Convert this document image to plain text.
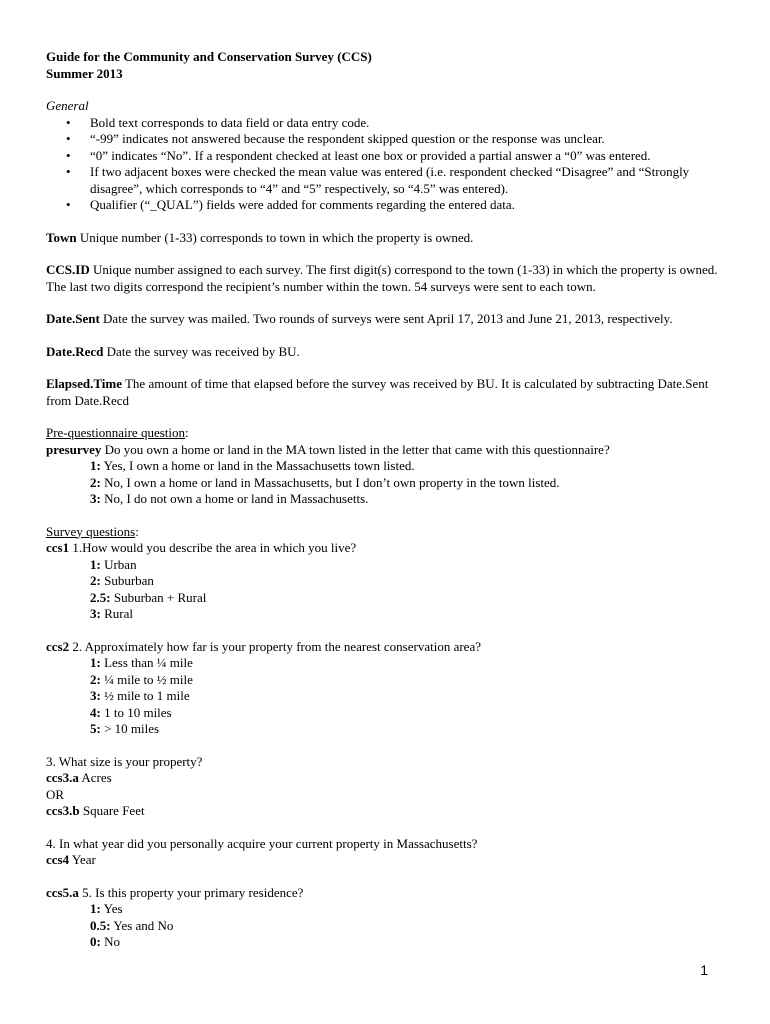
Guide for the Community and Conservation Survey (CCS)
Summer 2013
General
• Bold text corresponds to data field or data entry code.
• “-99” indicates not answered because the respondent skipped question or the response was unclear.
• “0” indicates “No”. If a respondent checked at least one box or provided a partial answer a “0” was entered.
• If two adjacent boxes were checked the mean value was entered (i.e. respondent checked “Disagree” and “Strongly disagree”, which corresponds to “4” and “5” respectively, so “4.5” was entered).
• Qualifier (“_QUAL”) fields were added for comments regarding the entered data.
Town Unique number (1-33) corresponds to town in which the property is owned.
CCS.ID Unique number assigned to each survey. The first digit(s) correspond to the town (1-33) in which the property is owned. The last two digits correspond the recipient’s number within the town. 54 surveys were sent to each town.
Date.Sent Date the survey was mailed. Two rounds of surveys were sent April 17, 2013 and June 21, 2013, respectively.
Date.Recd Date the survey was received by BU.
Elapsed.Time The amount of time that elapsed before the survey was received by BU. It is calculated by subtracting Date.Sent from Date.Recd
Pre-questionnaire question:
presurvey Do you own a home or land in the MA town listed in the letter that came with this questionnaire?
1: Yes, I own a home or land in the Massachusetts town listed.
2: No, I own a home or land in Massachusetts, but I don’t own property in the town listed.
3: No, I do not own a home or land in Massachusetts.
Survey questions:
ccs1 1.How would you describe the area in which you live?
1: Urban
2: Suburban
2.5: Suburban + Rural
3: Rural
ccs2 2. Approximately how far is your property from the nearest conservation area?
1: Less than ¼ mile
2: ¼ mile to ½ mile
3: ½ mile to 1 mile
4: 1 to 10 miles
5: > 10 miles
3. What size is your property?
ccs3.a Acres
OR
ccs3.b Square Feet
4. In what year did you personally acquire your current property in Massachusetts?
ccs4 Year
ccs5.a 5. Is this property your primary residence?
1: Yes
0.5: Yes and No
0: No
1
